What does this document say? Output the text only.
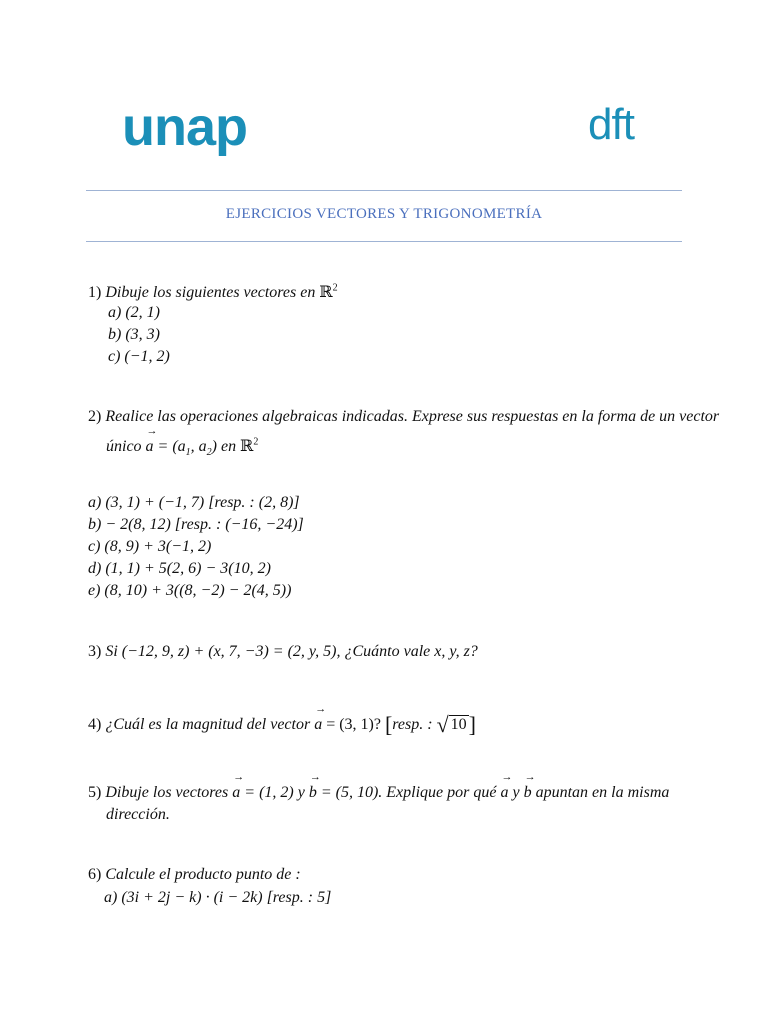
unap	dft
EJERCICIOS VECTORES Y TRIGONOMETRÍA
1) Dibuje los siguientes vectores en ℝ$^2$
a) (2, 1)
b) (3, 3)
c) (−1, 2)
2) Realice las operaciones algebraicas indicadas. Exprese sus respuestas en la forma de un vector
único
→
$a = (a_1$, $a_2$) en ℝ$^2$
a) (3, 1) + (−1, 7) [resp. : (2, 8)]
b) − 2(8, 12) [resp. : (−16, −24)]
c) (8, 9) + 3(−1, 2)
d) (1, 1) + 5(2, 6) − 3(10, 2)
e) (8, 10) + 3((8, −2) − 2(4, 5))
3) Si (−12, 9, z) + (x, 7, −3) = (2, y, 5), ¿Cuánto vale x, y, z?
4) ¿Cuál es la magnitud del vector
→
a = (3, 1)? [resp. : √ 10]
5) Dibuje los vectores
→
a = (1, 2) y
→
b = (5, 10). Explique por qué
→
a y
→
b apuntan en la misma
dirección.
6) Calcule el producto punto de :
a) (3i + 2j − k) · (i − 2k) [resp. : 5]
